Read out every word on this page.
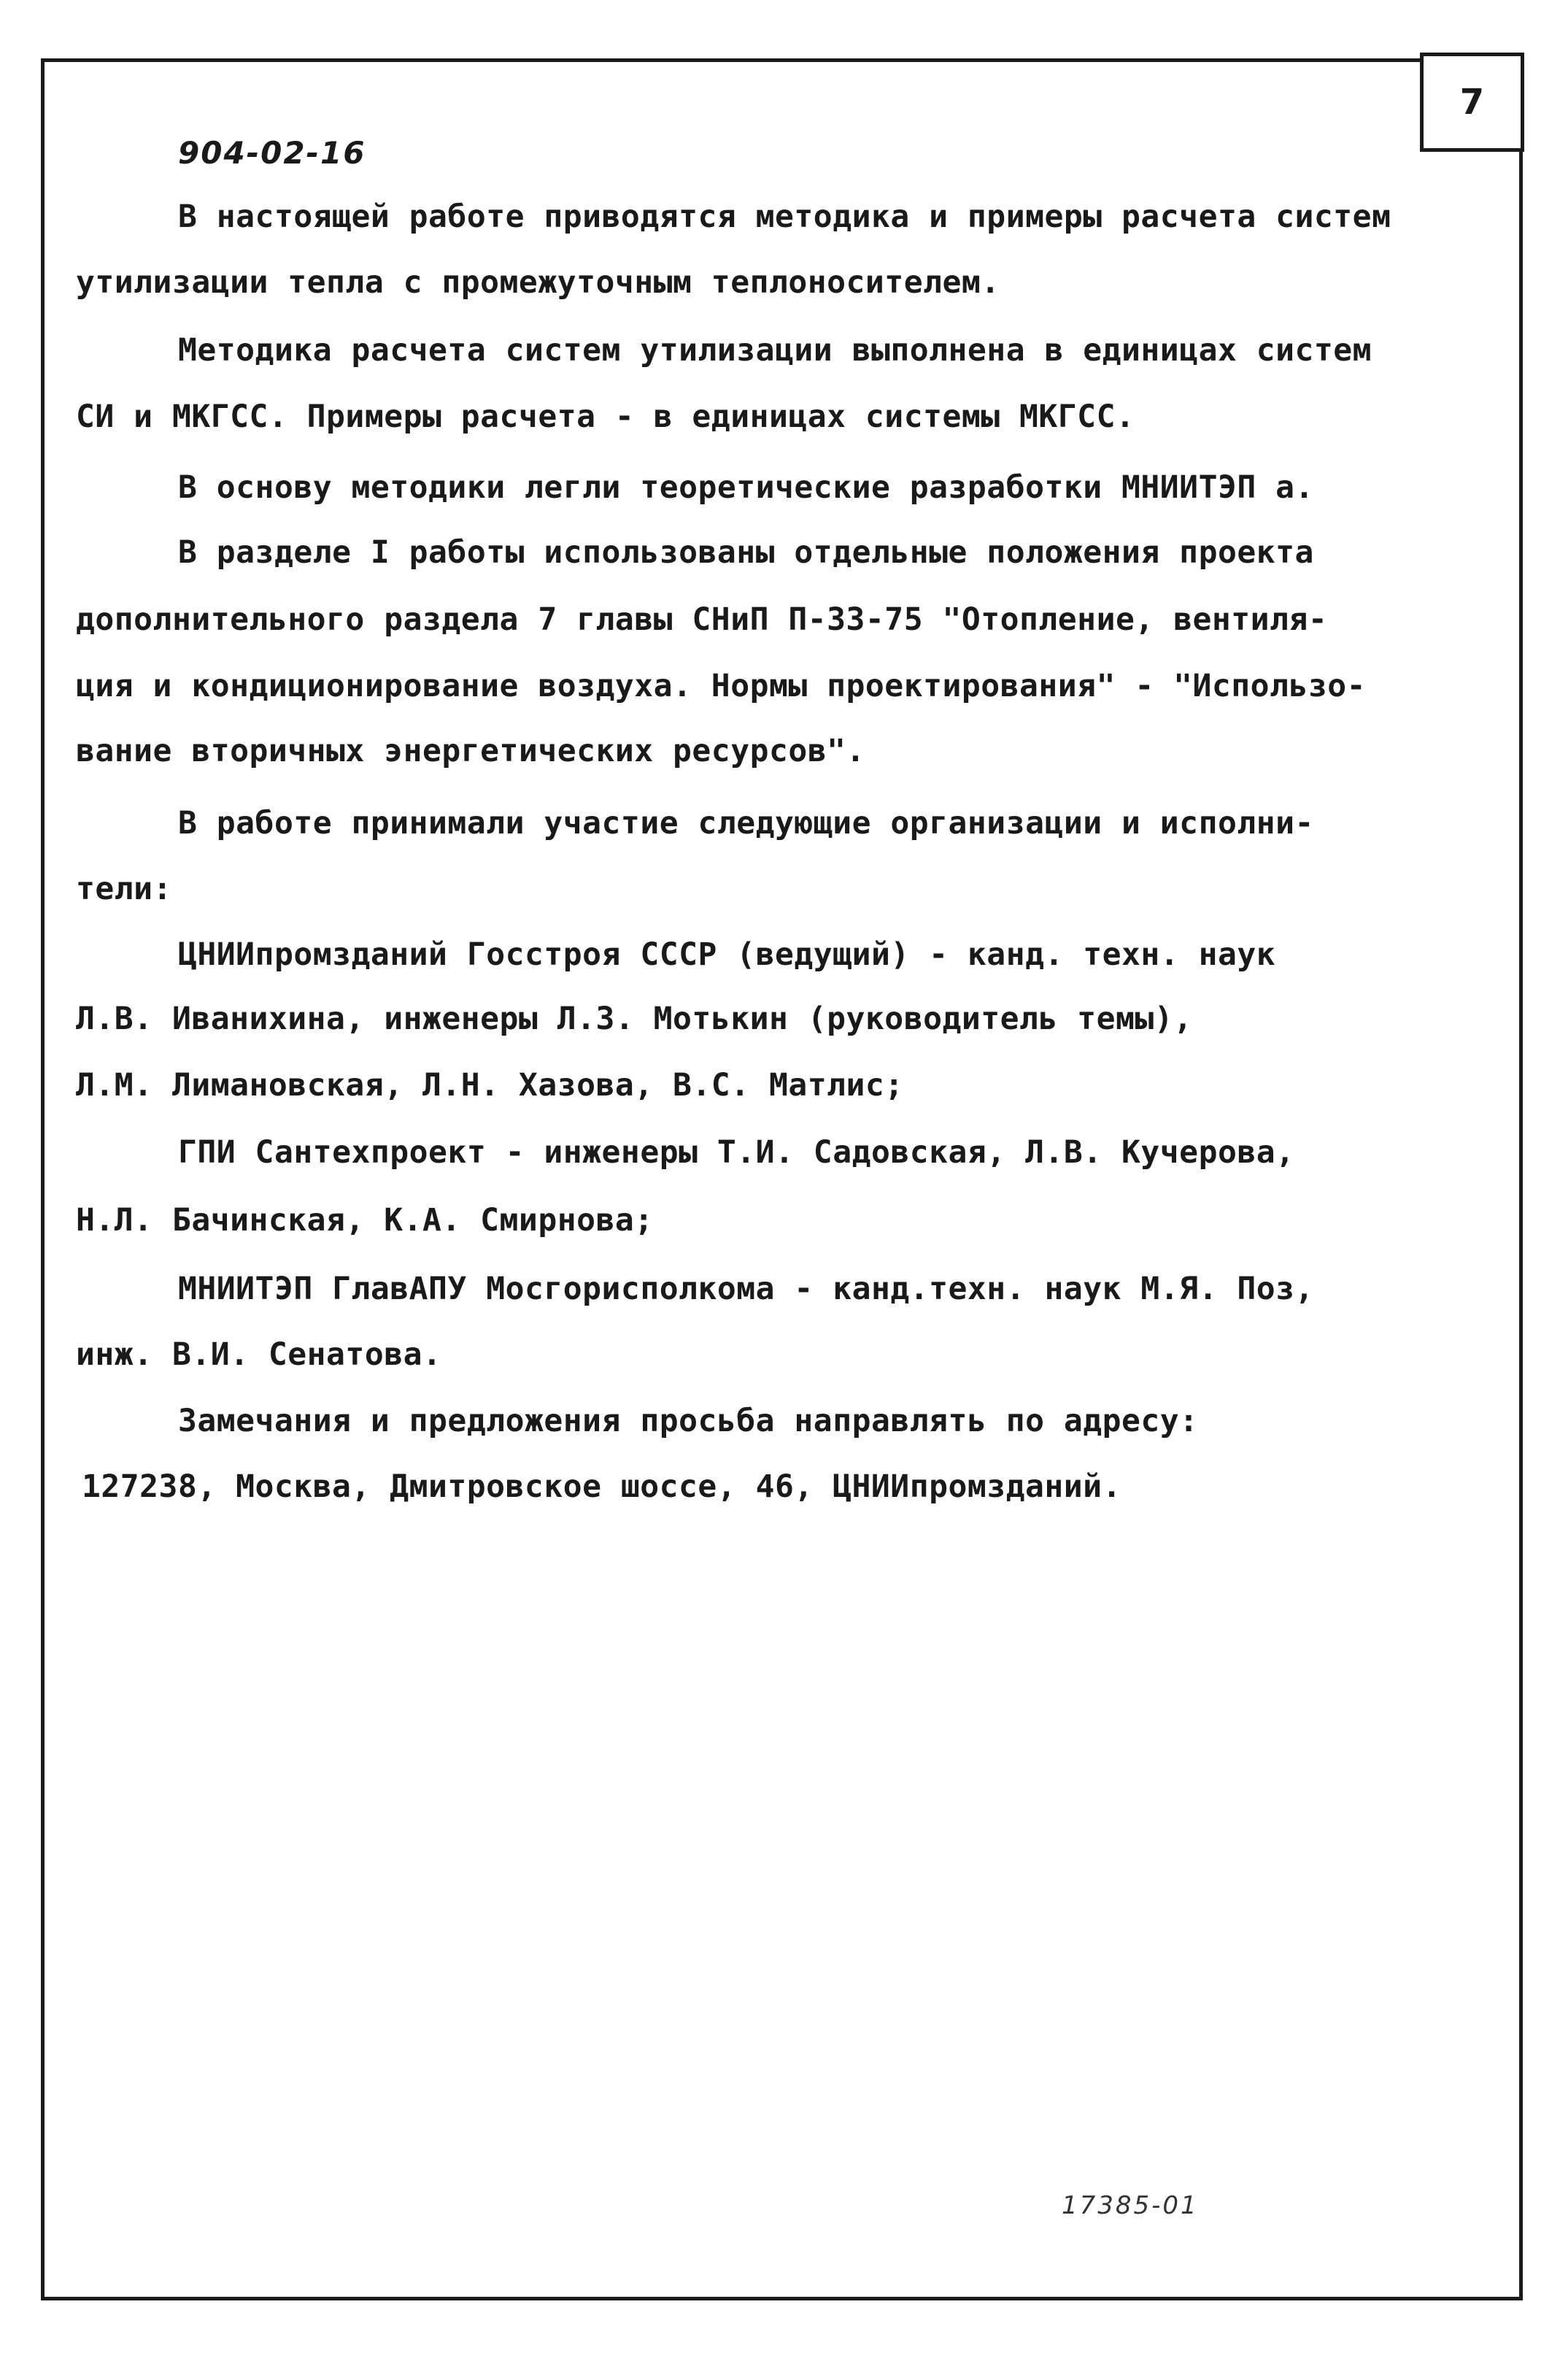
7
904-02-16
В настоящей работе приводятся методика и примеры расчета систем
утилизации тепла с промежуточным теплоносителем.
Методика расчета систем утилизации выполнена в единицах систем
СИ и МКГСС. Примеры расчета - в единицах системы МКГСС.
В основу методики легли теоретические разработки МНИИТЭП а.
В разделе I работы использованы отдельные положения проекта
дополнительного раздела 7 главы СНиП П-33-75 "Отопление, вентиля-
ция и кондиционирование воздуха. Нормы проектирования" - "Использо-
вание вторичных энергетических ресурсов".
В работе принимали участие следующие организации и исполни-
тели:
ЦНИИпромзданий Госстроя СССР (ведущий) - канд. техн. наук
Л.В. Иванихина, инженеры Л.З. Мотькин (руководитель темы),
Л.М. Лимановская, Л.Н. Хазова, В.С. Матлис;
ГПИ Сантехпроект - инженеры Т.И. Садовская, Л.В. Кучерова,
Н.Л. Бачинская, К.А. Смирнова;
МНИИТЭП ГлавАПУ Мосгорисполкома - канд.техн. наук М.Я. Поз,
инж. В.И. Сенатова.
Замечания и предложения просьба направлять по адресу:
127238, Москва, Дмитровское шоссе, 46, ЦНИИпромзданий.
17385-01
